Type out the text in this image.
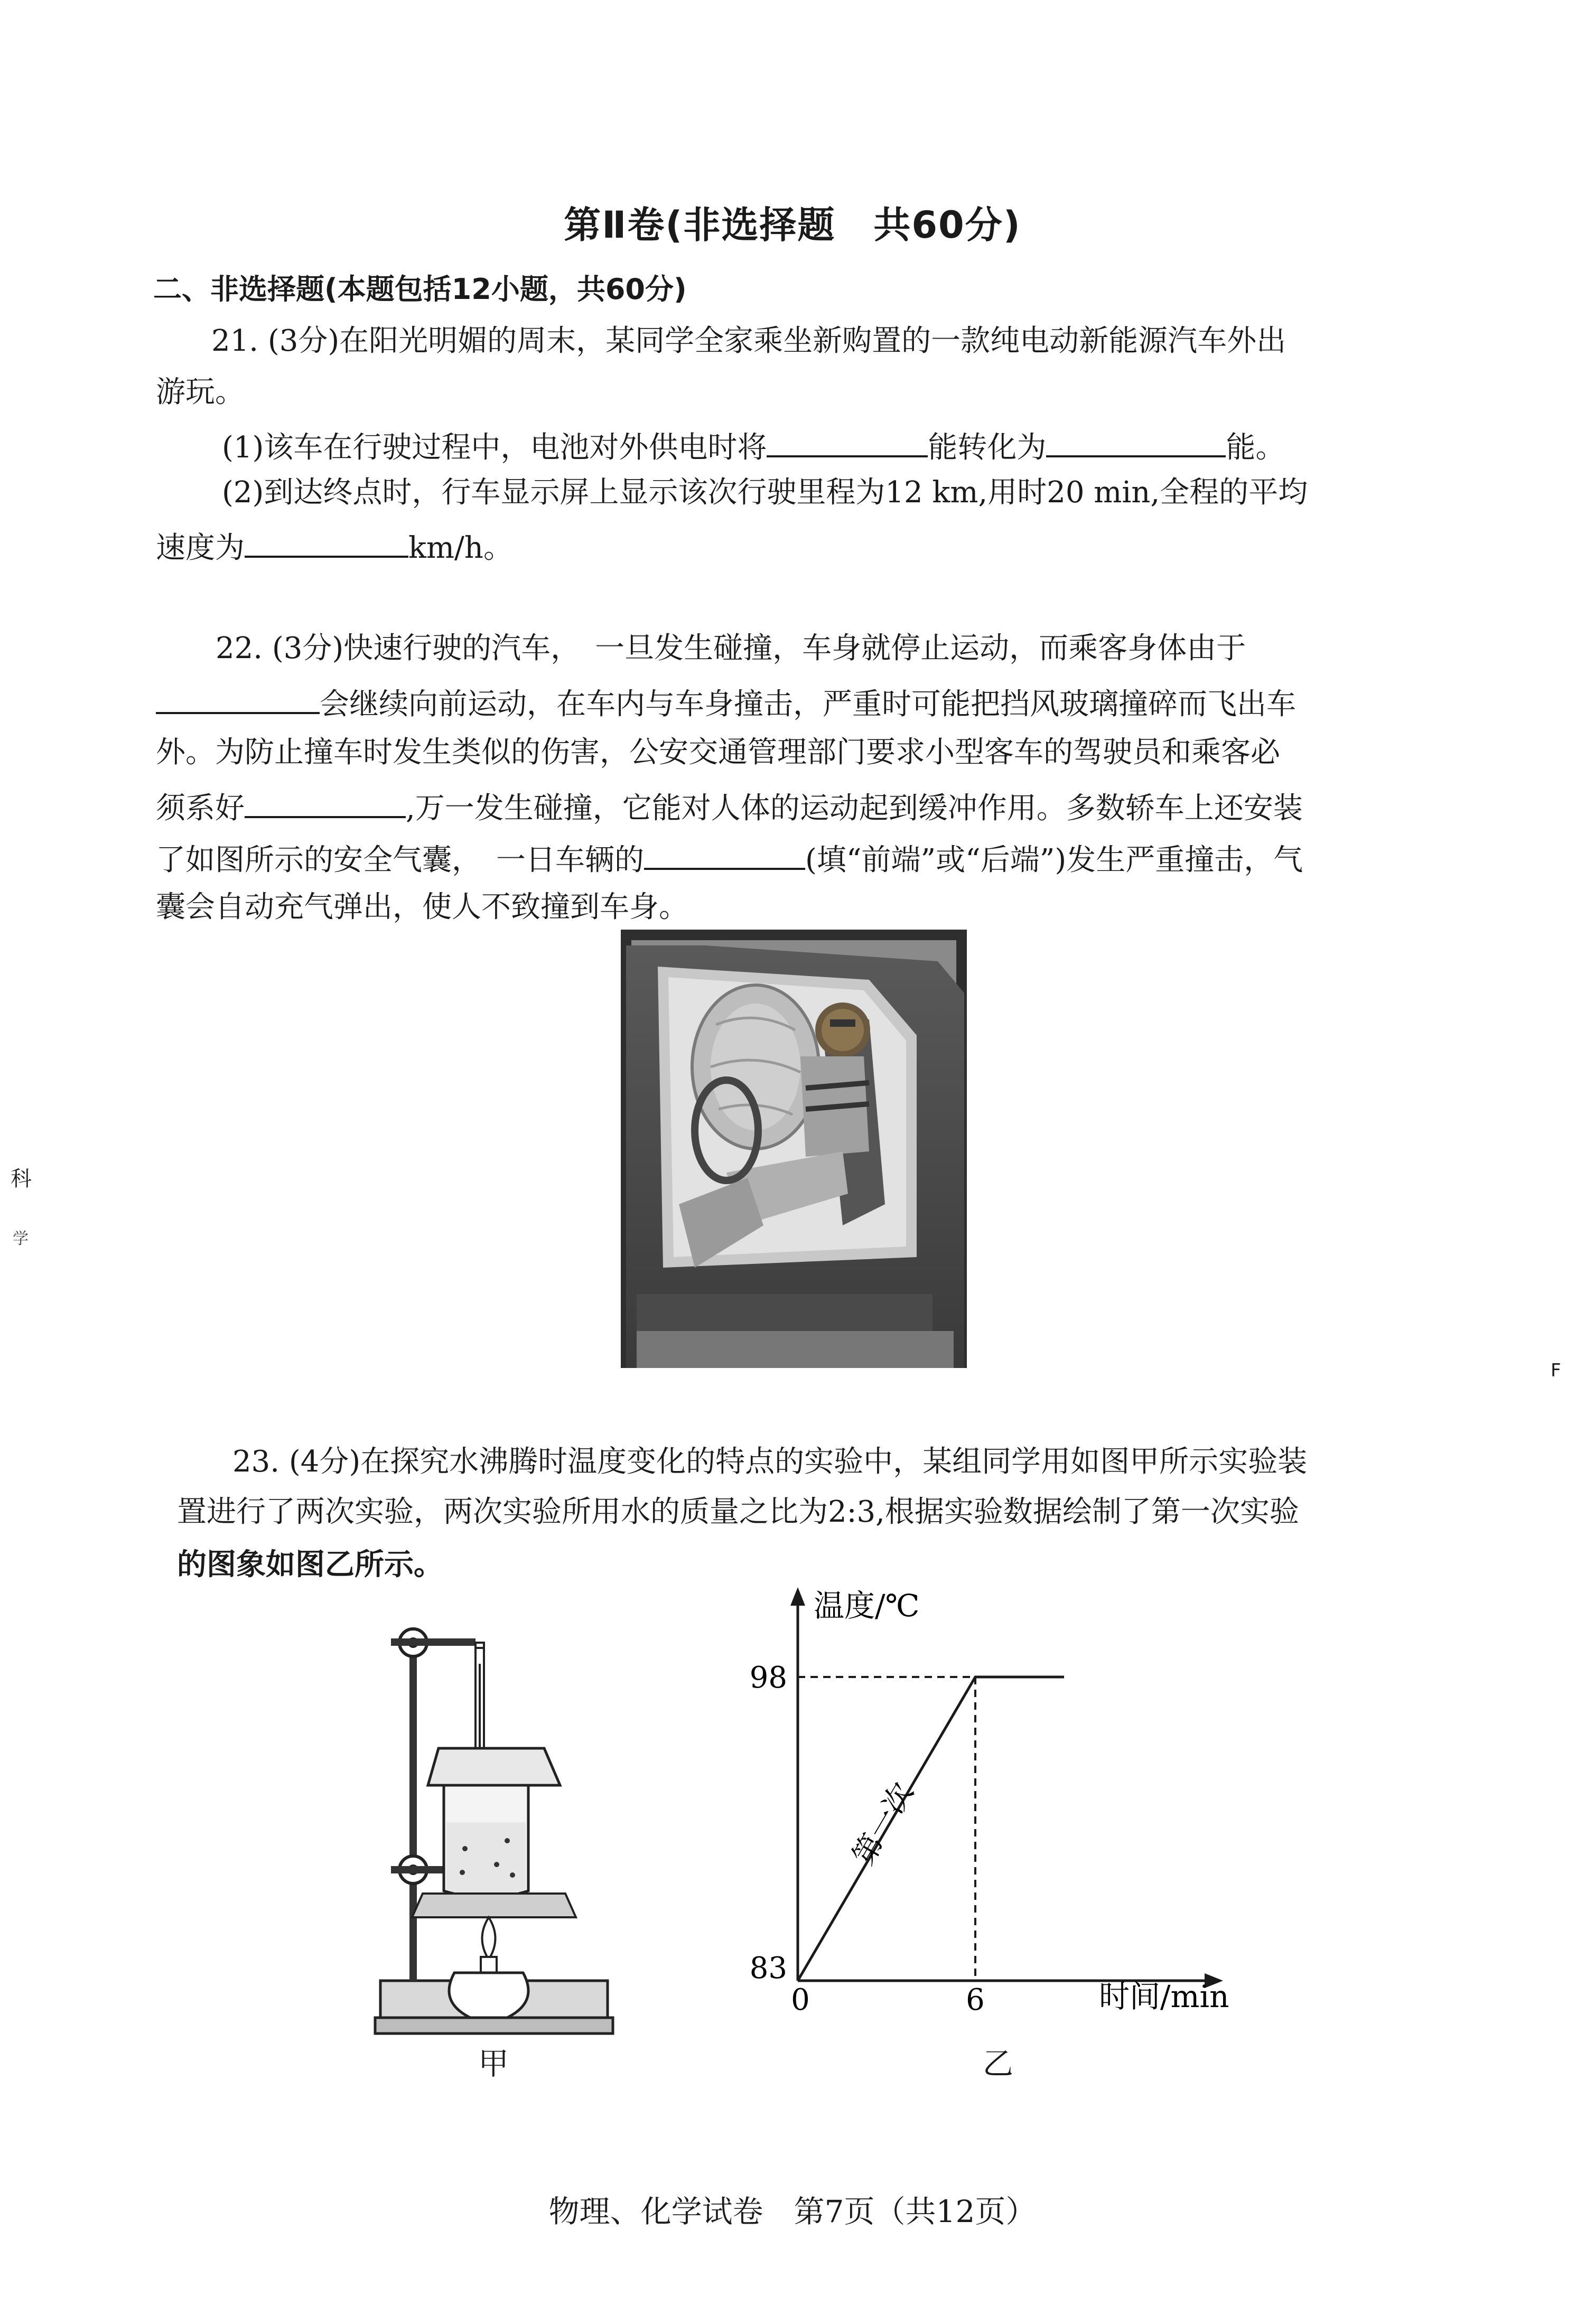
第Ⅱ卷(非选择题　共60分)
二、非选择题(本题包括12小题，共60分)
21. (3分)在阳光明媚的周末，某同学全家乘坐新购置的一款纯电动新能源汽车外出
游玩。
(1)该车在行驶过程中，电池对外供电时将	能转化为	能。
(2)到达终点时，行车显示屏上显示该次行驶里程为12 km,用时20 min,全程的平均
速度为	km/h。
22. (3分)快速行驶的汽车，　一旦发生碰撞，车身就停止运动，而乘客身体由于
会继续向前运动，在车内与车身撞击，严重时可能把挡风玻璃撞碎而飞出车
外。为防止撞车时发生类似的伤害，公安交通管理部门要求小型客车的驾驶员和乘客必
须系好	,万一发生碰撞，它能对人体的运动起到缓冲作用。多数轿车上还安装
了如图所示的安全气囊，　一日车辆的	(填“前端”或“后端”)发生严重撞击，气
囊会自动充气弹出，使人不致撞到车身。
科
学
F
23. (4分)在探究水沸腾时温度变化的特点的实验中，某组同学用如图甲所示实验装
置进行了两次实验，两次实验所用水的质量之比为2:3,根据实验数据绘制了第一次实验
的图象如图乙所示。
甲
温度/℃
时间/min
第一次
98
83
0	6
乙
物理、化学试卷　第7页（共12页）
